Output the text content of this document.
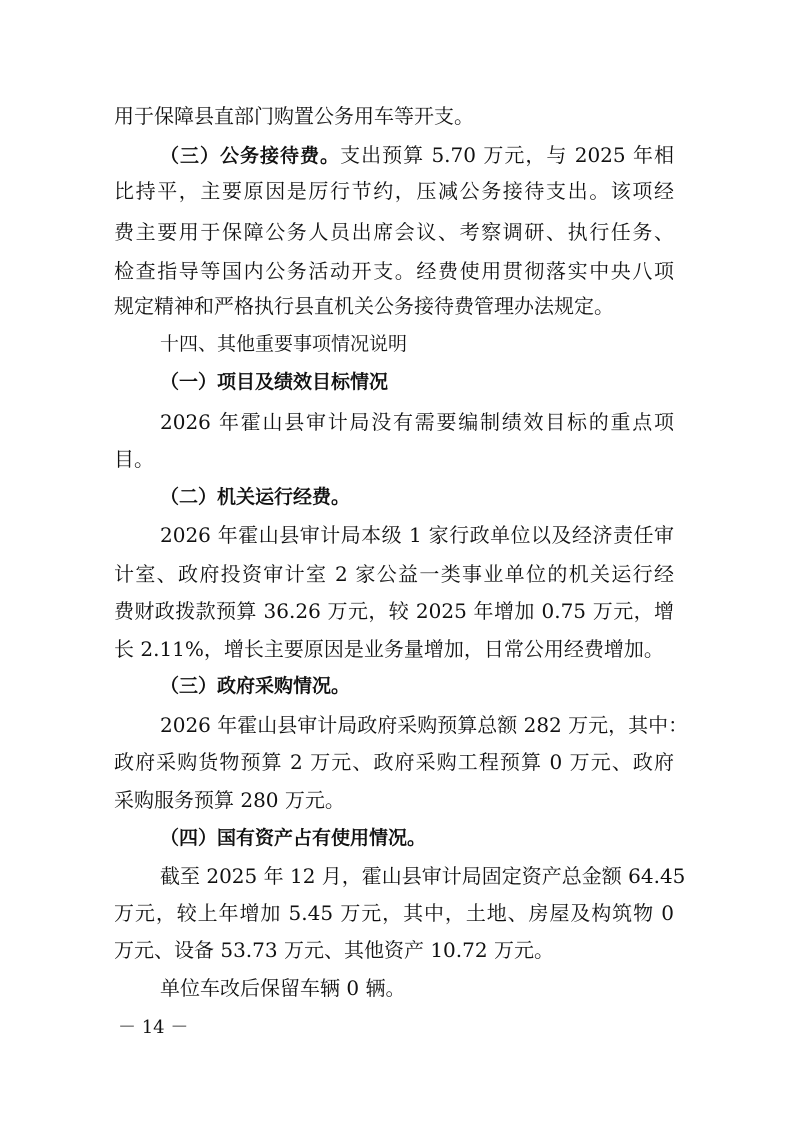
用于保障县直部门购置公务用车等开支。
（三）公务接待费。支出预算 5.70 万元，与 2025 年相
比持平，主要原因是厉行节约，压减公务接待支出。该项经
费主要用于保障公务人员出席会议、考察调研、执行任务、
检查指导等国内公务活动开支。经费使用贯彻落实中央八项
规定精神和严格执行县直机关公务接待费管理办法规定。
十四、其他重要事项情况说明
（一）项目及绩效目标情况
2026 年霍山县审计局没有需要编制绩效目标的重点项
目。
（二）机关运行经费。
2026 年霍山县审计局本级 1 家行政单位以及经济责任审
计室、政府投资审计室 2 家公益一类事业单位的机关运行经
费财政拨款预算 36.26 万元，较 2025 年增加 0.75 万元，增
长 2.11%，增长主要原因是业务量增加，日常公用经费增加。
（三）政府采购情况。
2026 年霍山县审计局政府采购预算总额 282 万元，其中：
政府采购货物预算 2 万元、政府采购工程预算 0 万元、政府
采购服务预算 280 万元。
（四）国有资产占有使用情况。
截至 2025 年 12 月，霍山县审计局固定资产总金额 64.45
万元，较上年增加 5.45 万元，其中，土地、房屋及构筑物 0
－ 14 －
万元、设备 53.73 万元、其他资产 10.72 万元。
单位车改后保留车辆 0 辆。
